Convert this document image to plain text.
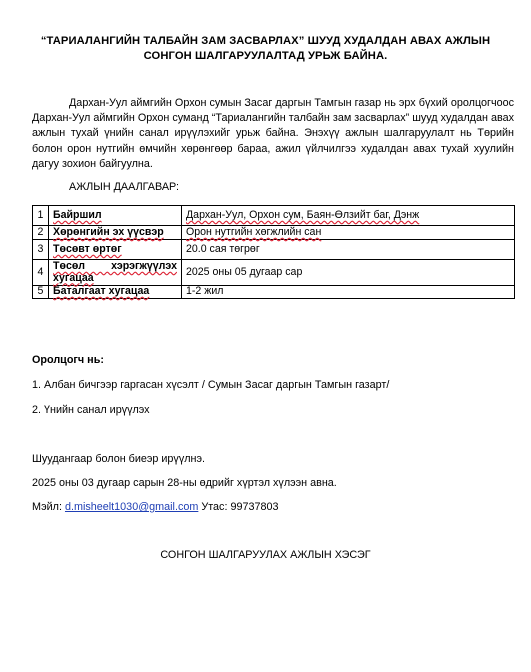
“ТАРИАЛАНГИЙН ТАЛБАЙН ЗАМ ЗАСВАРЛАХ” ШУУД ХУДАЛДАН АВАХ АЖЛЫН
СОНГОН ШАЛГАРУУЛАЛТАД УРЬЖ БАЙНА.

Дархан-Уул аймгийн Орхон сумын Засаг даргын Тамгын газар нь эрх бүхий оролцогчоос Дархан-Уул аймгийн Орхон суманд “Тариалангийн талбайн зам засварлах” шууд худалдан авах ажлын тухай үнийн санал ирүүлэхийг урьж байна. Энэхүү ажлын шалгаруулалт нь Төрийн болон орон нутгийн өмчийн хөрөнгөөр бараа, ажил үйлчилгээ худалдан авах тухай хуулийн дагуу зохион байгуулна.

АЖЛЫН ДААЛГАВАР:
1	Байршил	Дархан-Уул, Орхон сум, Баян-Өлзийт баг, Дэнж
2	Хөрөнгийн эх үүсвэр	Орон нутгийн хөгжлийн сан
3	Төсөвт өртөг	20.0 сая төгрөг
4	Төсөл хэрэгжүүлэх хугацаа	2025 оны 05 дугаар сар
5	Баталгаат хугацаа	1-2 жил
Оролцогч нь:
1. Албан бичгээр гаргасан хүсэлт / Сумын Засаг даргын Тамгын газарт/
2. Үнийн санал ирүүлэх
Шуудангаар болон биеэр ирүүлнэ.
2025 оны 03 дугаар сарын 28-ны өдрийг хүртэл хүлээн авна.
Мэйл: d.misheelt1030@gmail.com Утас: 99737803
СОНГОН ШАЛГАРУУЛАХ АЖЛЫН ХЭСЭГ
